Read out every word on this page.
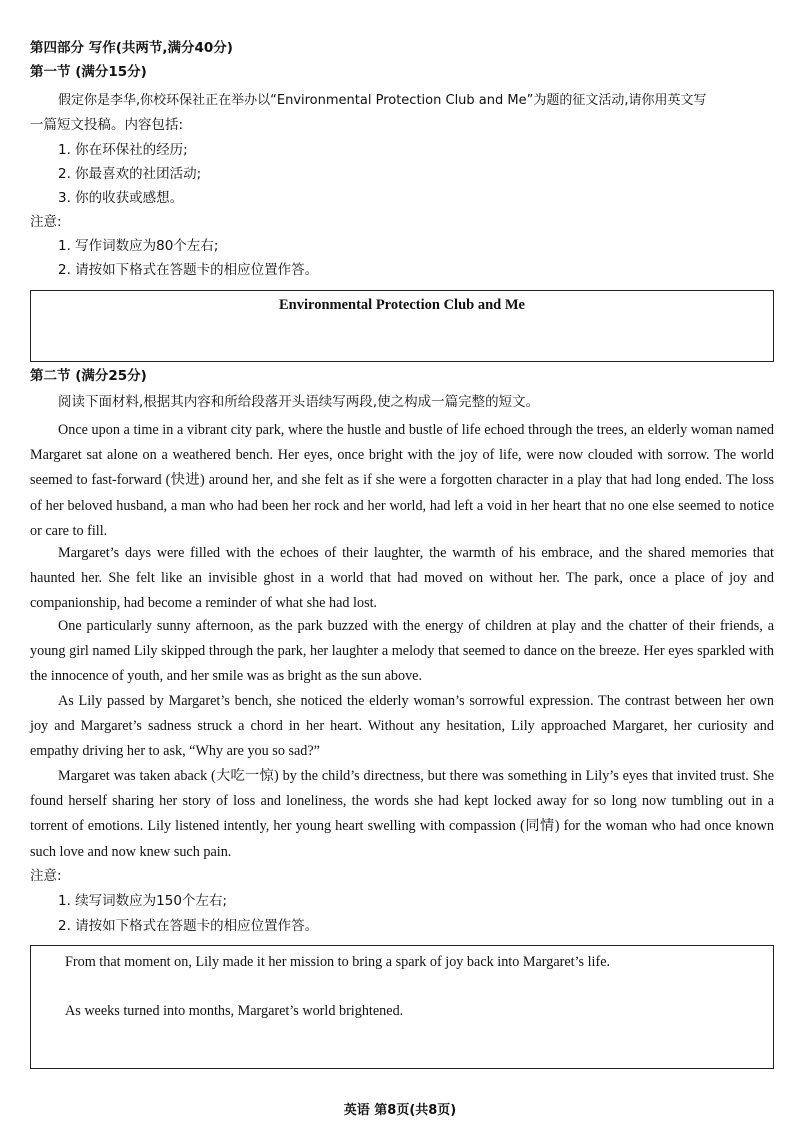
第四部分 写作(共两节,满分40分)
第一节 (满分15分)
假定你是李华,你校环保社正在举办以“Environmental Protection Club and Me”为题的征文活动,请你用英文写
一篇短文投稿。内容包括:
1. 你在环保社的经历;
2. 你最喜欢的社团活动;
3. 你的收获或感想。
注意:
1. 写作词数应为80个左右;
2. 请按如下格式在答题卡的相应位置作答。
Environmental Protection Club and Me
第二节 (满分25分)
阅读下面材料,根据其内容和所给段落开头语续写两段,使之构成一篇完整的短文。

Once upon a time in a vibrant city park, where the hustle and bustle of life echoed through the trees, an elderly woman named Margaret sat alone on a weathered bench. Her eyes, once bright with the joy of life, were now clouded with sorrow. The world seemed to fast-forward (快进) around her, and she felt as if she were a forgotten character in a play that had long ended. The loss of her beloved husband, a man who had been her rock and her world, had left a void in her heart that no one else seemed to notice or care to fill.

Margaret’s days were filled with the echoes of their laughter, the warmth of his embrace, and the shared memories that haunted her. She felt like an invisible ghost in a world that had moved on without her. The park, once a place of joy and companionship, had become a reminder of what she had lost.

One particularly sunny afternoon, as the park buzzed with the energy of children at play and the chatter of their friends, a young girl named Lily skipped through the park, her laughter a melody that seemed to dance on the breeze. Her eyes sparkled with the innocence of youth, and her smile was as bright as the sun above.

As Lily passed by Margaret’s bench, she noticed the elderly woman’s sorrowful expression. The contrast between her own joy and Margaret’s sadness struck a chord in her heart. Without any hesitation, Lily approached Margaret, her curiosity and empathy driving her to ask, “Why are you so sad?”

Margaret was taken aback (大吃一惊) by the child’s directness, but there was something in Lily’s eyes that invited trust. She found herself sharing her story of loss and loneliness, the words she had kept locked away for so long now tumbling out in a torrent of emotions. Lily listened intently, her young heart swelling with compassion (同情) for the woman who had once known such love and now knew such pain.

注意:
1. 续写词数应为150个左右;
2. 请按如下格式在答题卡的相应位置作答。
From that moment on, Lily made it her mission to bring a spark of joy back into Margaret’s life.
As weeks turned into months, Margaret’s world brightened.
英语 第8页(共8页)
